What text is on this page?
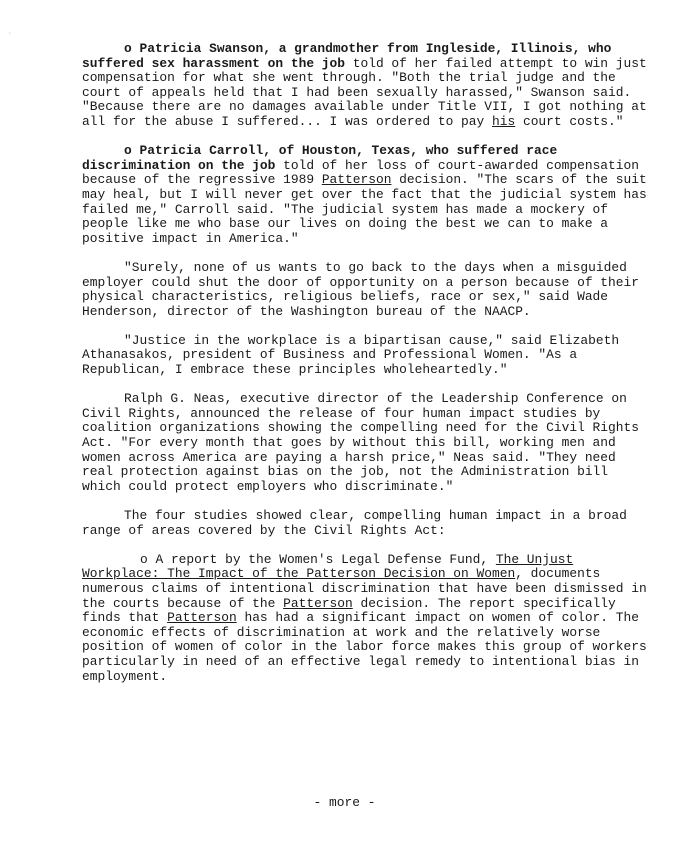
·

o Patricia Swanson, a grandmother from Ingleside, Illinois, who suffered sex harassment on the job told of her failed attempt to win just compensation for what she went through. "Both the trial judge and the court of appeals held that I had been sexually harassed," Swanson said. "Because there are no damages available under Title VII, I got nothing at all for the abuse I suffered... I was ordered to pay his court costs."

o Patricia Carroll, of Houston, Texas, who suffered race discrimination on the job told of her loss of court-awarded compensation because of the regressive 1989 Patterson decision. "The scars of the suit may heal, but I will never get over the fact that the judicial system has failed me," Carroll said. "The judicial system has made a mockery of people like me who base our lives on doing the best we can to make a positive impact in America."

"Surely, none of us wants to go back to the days when a misguided employer could shut the door of opportunity on a person because of their physical characteristics, religious beliefs, race or sex," said Wade Henderson, director of the Washington bureau of the NAACP.

"Justice in the workplace is a bipartisan cause," said Elizabeth Athanasakos, president of Business and Professional Women. "As a Republican, I embrace these principles wholeheartedly."

Ralph G. Neas, executive director of the Leadership Conference on Civil Rights, announced the release of four human impact studies by coalition organizations showing the compelling need for the Civil Rights Act. "For every month that goes by without this bill, working men and women across America are paying a harsh price," Neas said. "They need real protection against bias on the job, not the Administration bill which could protect employers who discriminate."

The four studies showed clear, compelling human impact in a broad range of areas covered by the Civil Rights Act:

o A report by the Women's Legal Defense Fund, The Unjust Workplace: The Impact of the Patterson Decision on Women, documents numerous claims of intentional discrimination that have been dismissed in the courts because of the Patterson decision. The report specifically finds that Patterson has had a significant impact on women of color. The economic effects of discrimination at work and the relatively worse position of women of color in the labor force makes this group of workers particularly in need of an effective legal remedy to intentional bias in employment.

- more -
